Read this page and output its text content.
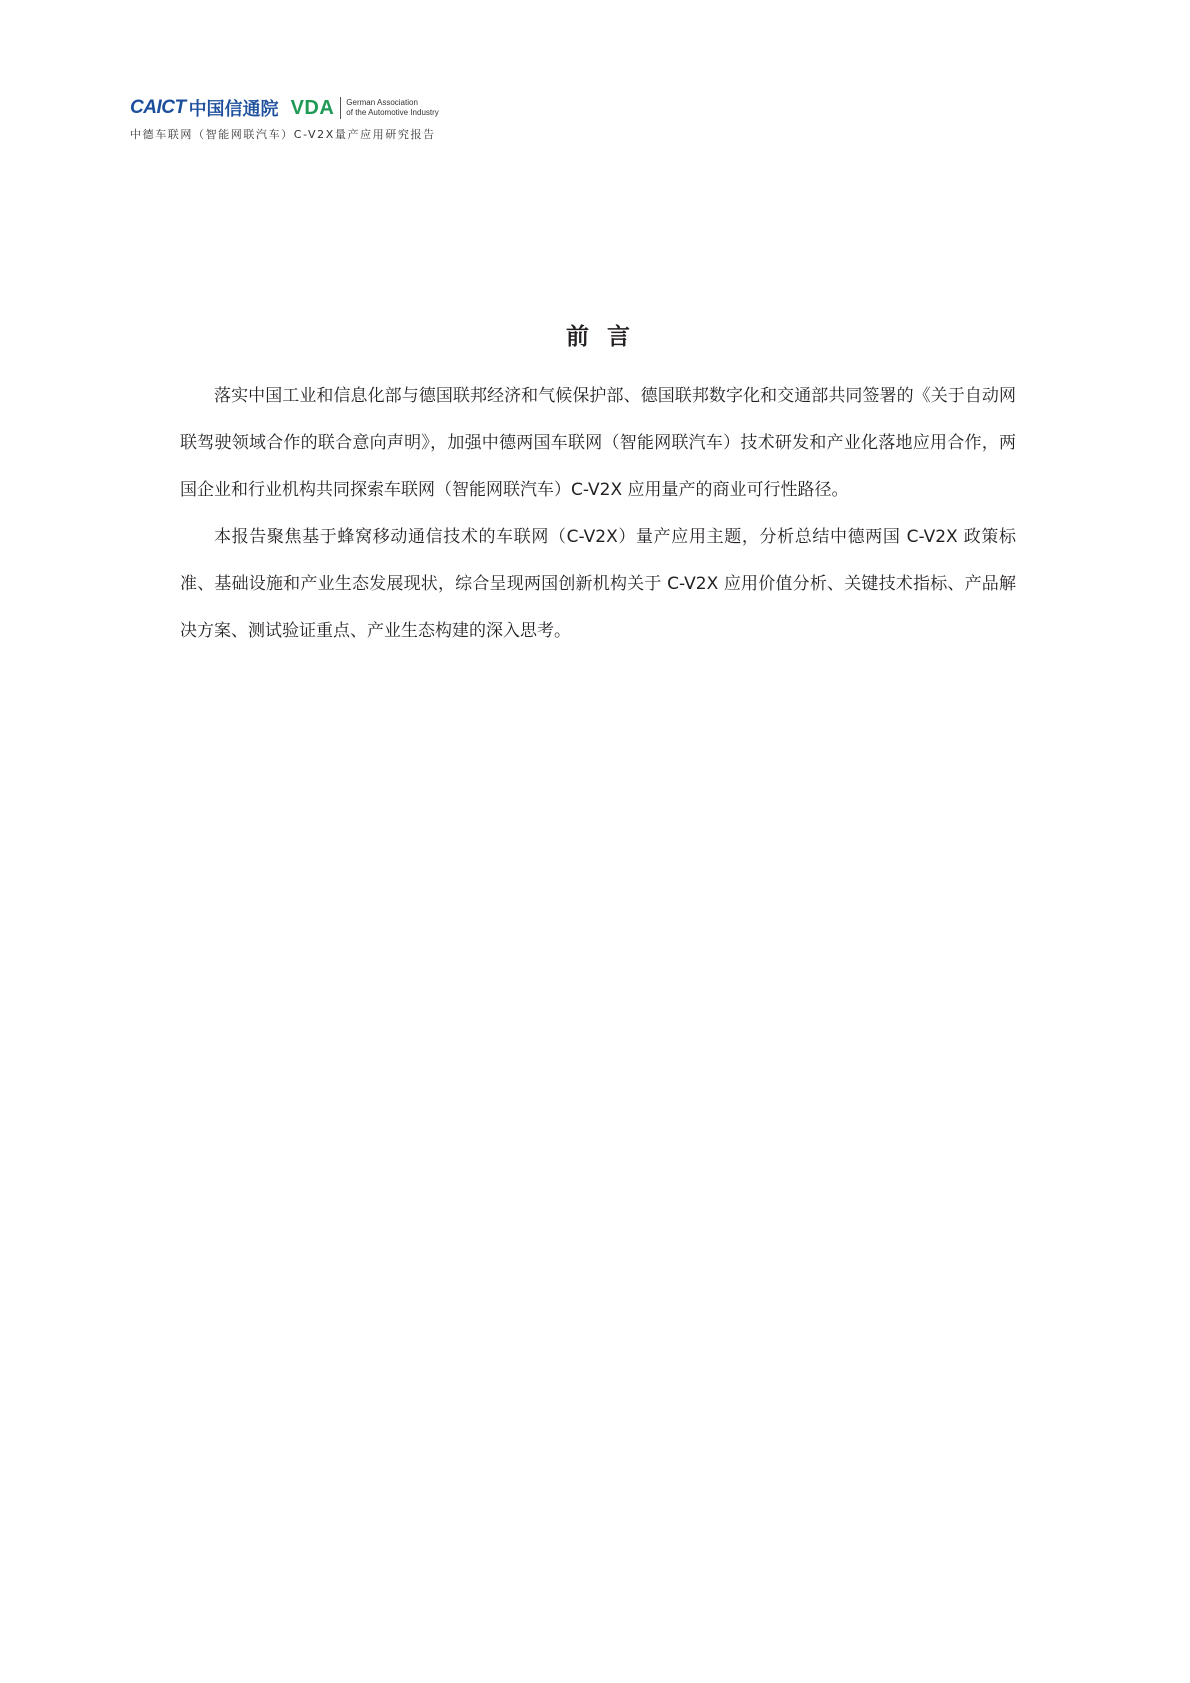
CAICT 中国信通院 VDA German Association
of the Automotive Industry
中德车联网（智能网联汽车）C-V2X量产应用研究报告
前言

落实中国工业和信息化部与德国联邦经济和气候保护部、德国联邦数字化和交通部共同签署的《关于自动网联驾驶领域合作的联合意向声明》，加强中德两国车联网（智能网联汽车）技术研发和产业化落地应用合作，两国企业和行业机构共同探索车联网（智能网联汽车）C-V2X 应用量产的商业可行性路径。

本报告聚焦基于蜂窝移动通信技术的车联网（C-V2X）量产应用主题，分析总结中德两国 C-V2X 政策标准、基础设施和产业生态发展现状，综合呈现两国创新机构关于 C-V2X 应用价值分析、关键技术指标、产品解决方案、测试验证重点、产业生态构建的深入思考。
